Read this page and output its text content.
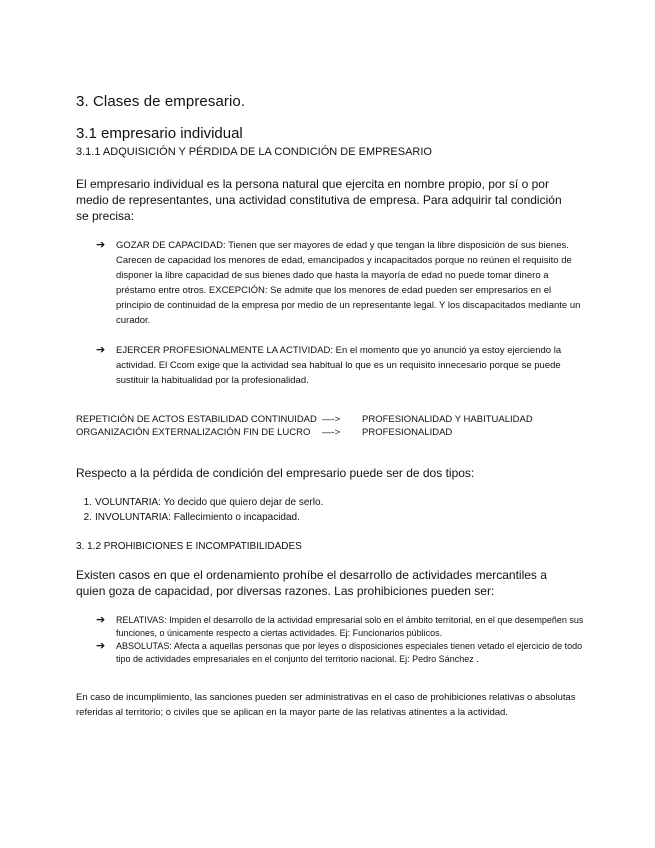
3. Clases de empresario.
3.1 empresario individual
3.1.1 ADQUISICIÓN Y PÉRDIDA DE LA CONDICIÓN DE EMPRESARIO
El empresario individual es la persona natural que ejercita en nombre propio, por sí o por medio de representantes, una actividad constitutiva de empresa. Para adquirir tal condición se precisa:
➔ GOZAR DE CAPACIDAD: Tienen que ser mayores de edad y que tengan la libre disposición de sus bienes. Carecen de capacidad los menores de edad, emancipados y incapacitados porque no reúnen el requisito de disponer la libre capacidad de sus bienes dado que hasta la mayoría de edad no puede tomar dinero a préstamo entre otros. EXCEPCIÓN: Se admite que los menores de edad pueden ser empresarios en el principio de continuidad de la empresa por medio de un representante legal. Y los discapacitados mediante un curador.
➔ EJERCER PROFESIONALMENTE LA ACTIVIDAD: En el momento que yo anunció ya estoy ejerciendo la actividad. El Ccom exige que la actividad sea habitual lo que es un requisito innecesario porque se puede sustituir la habitualidad por la profesionalidad.
REPETICIÓN DE ACTOS ESTABILIDAD CONTINUIDAD —-> PROFESIONALIDAD Y HABITUALIDAD
ORGANIZACIÓN EXTERNALIZACIÓN FIN DE LUCRO —-> PROFESIONALIDAD
Respecto a la pérdida de condición del empresario puede ser de dos tipos:
1. VOLUNTARIA: Yo decido que quiero dejar de serlo.
2. INVOLUNTARIA: Fallecimiento o incapacidad.
3. 1.2 PROHIBICIONES E INCOMPATIBILIDADES
Existen casos en que el ordenamiento prohíbe el desarrollo de actividades mercantiles a quien goza de capacidad, por diversas razones. Las prohibiciones pueden ser:
➔ RELATIVAS: Impiden el desarrollo de la actividad empresarial solo en el ámbito territorial, en el que desempeñen sus funciones, o únicamente respecto a ciertas actividades. Ej: Funcionarios públicos.
➔ ABSOLUTAS: Afecta a aquellas personas que por leyes o disposiciones especiales tienen vetado el ejercicio de todo tipo de actividades empresariales en el conjunto del territorio nacional. Ej: Pedro Sánchez .
En caso de incumplimiento, las sanciones pueden ser administrativas en el caso de prohibiciones relativas o absolutas referidas al territorio; o civiles que se aplican en la mayor parte de las relativas atinentes a la actividad.
